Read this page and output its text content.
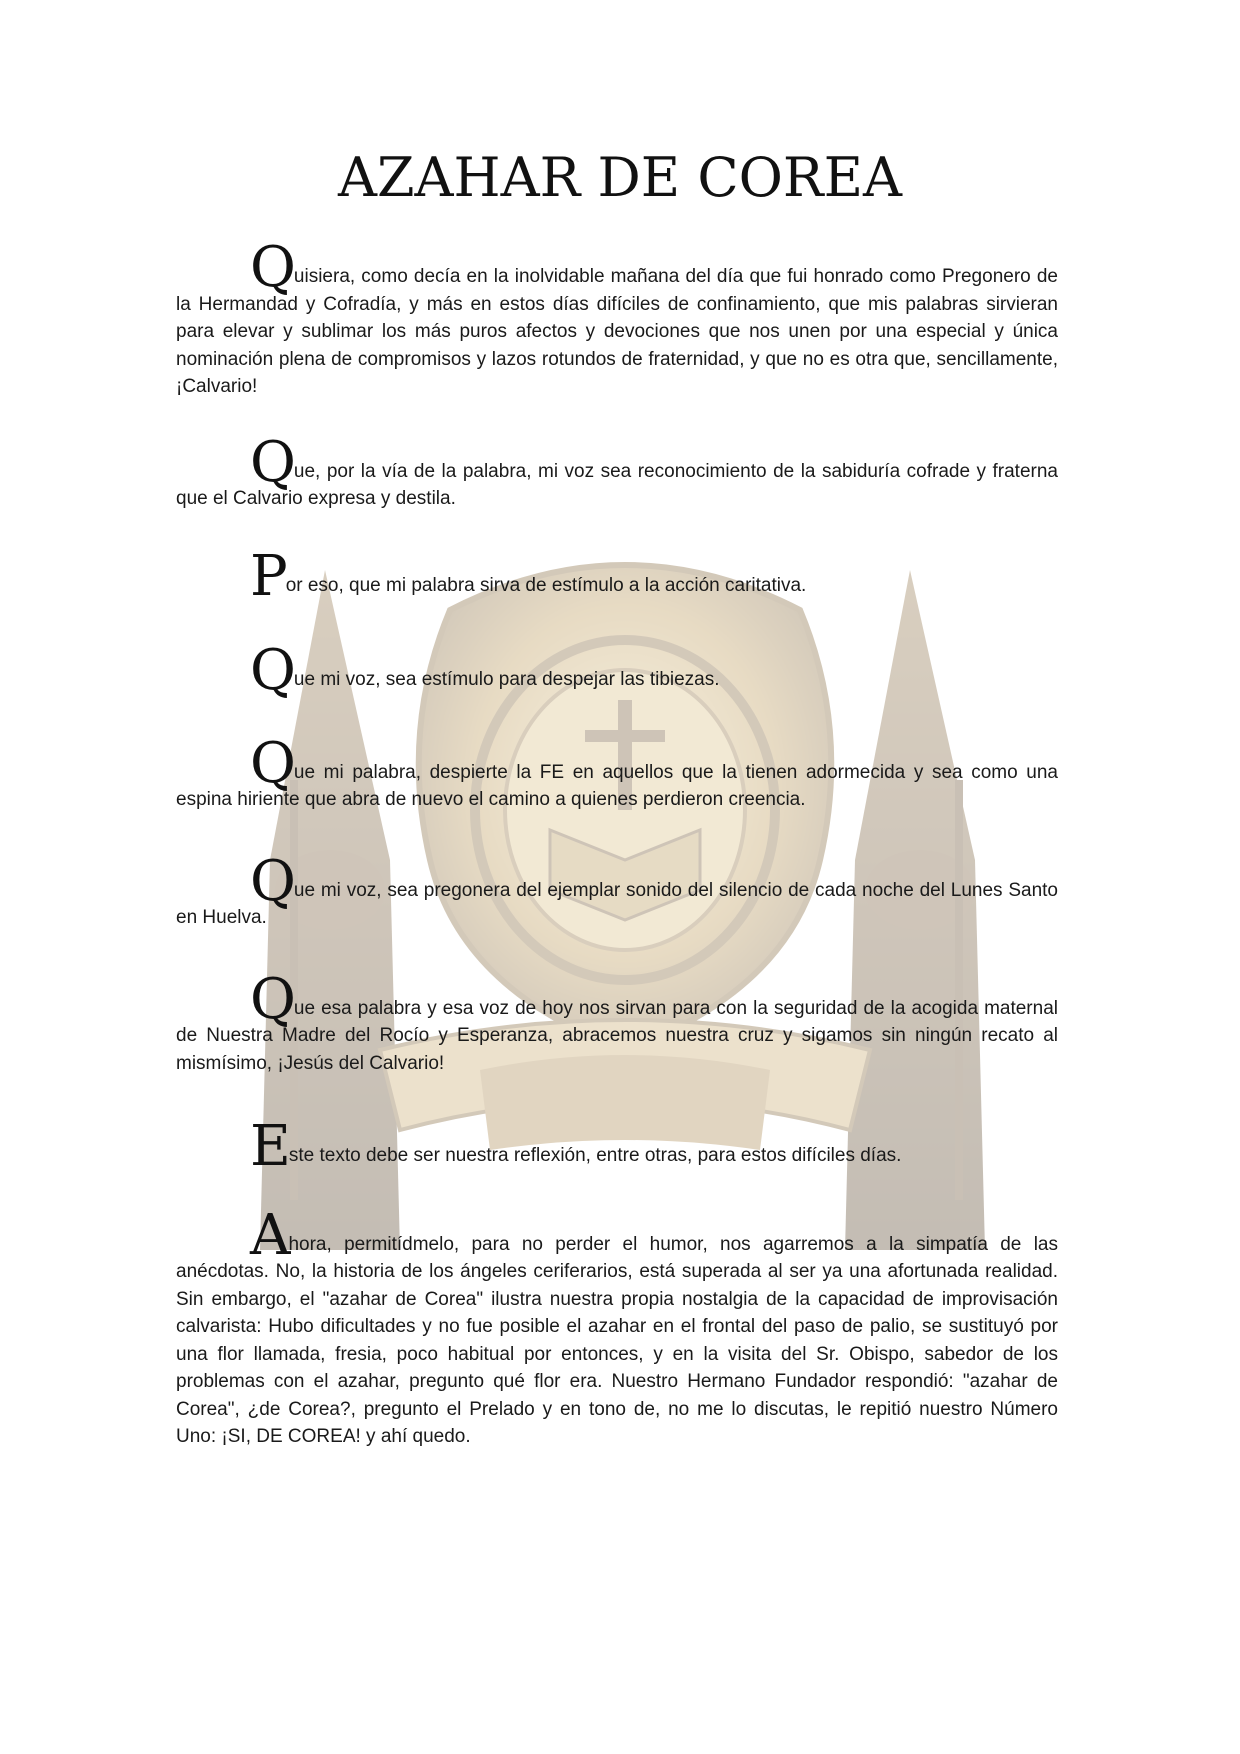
AZAHAR DE COREA

Quisiera, como decía en la inolvidable mañana del día que fui honrado como Pregonero de la Hermandad y Cofradía, y más en estos días difíciles de confinamiento, que mis palabras sirvieran para elevar y sublimar los más puros afectos y devociones que nos unen por una especial y única nominación plena de compromisos y lazos rotundos de fraternidad, y que no es otra que, sencillamente, ¡Calvario!

Que, por la vía de la palabra, mi voz sea reconocimiento de la sabiduría cofrade y fraterna que el Calvario expresa y destila.

Por eso, que mi palabra sirva de estímulo a la acción caritativa.

Que mi voz, sea estímulo para despejar las tibiezas.

Que mi palabra, despierte la FE en aquellos que la tienen adormecida y sea como una espina hiriente que abra de nuevo el camino a quienes perdieron creencia.

Que mi voz, sea pregonera del ejemplar sonido del silencio de cada noche del Lunes Santo en Huelva.

Que esa palabra y esa voz de hoy nos sirvan para con la seguridad de la acogida maternal de Nuestra Madre del Rocío y Esperanza, abracemos nuestra cruz y sigamos sin ningún recato al mismísimo, ¡Jesús del Calvario!

Este texto debe ser nuestra reflexión, entre otras, para estos difíciles días.

Ahora, permitídmelo, para no perder el humor, nos agarremos a la simpatía de las anécdotas. No, la historia de los ángeles ceriferarios, está superada al ser ya una afortunada realidad. Sin embargo, el "azahar de Corea" ilustra nuestra propia nostalgia de la capacidad de improvisación calvarista: Hubo dificultades y no fue posible el azahar en el frontal del paso de palio, se sustituyó por una flor llamada, fresia, poco habitual por entonces, y en la visita del Sr. Obispo, sabedor de los problemas con el azahar, pregunto qué flor era. Nuestro Hermano Fundador respondió: "azahar de Corea", ¿de Corea?, pregunto el Prelado y en tono de, no me lo discutas, le repitió nuestro Número Uno: ¡SI, DE COREA! y ahí quedo.
